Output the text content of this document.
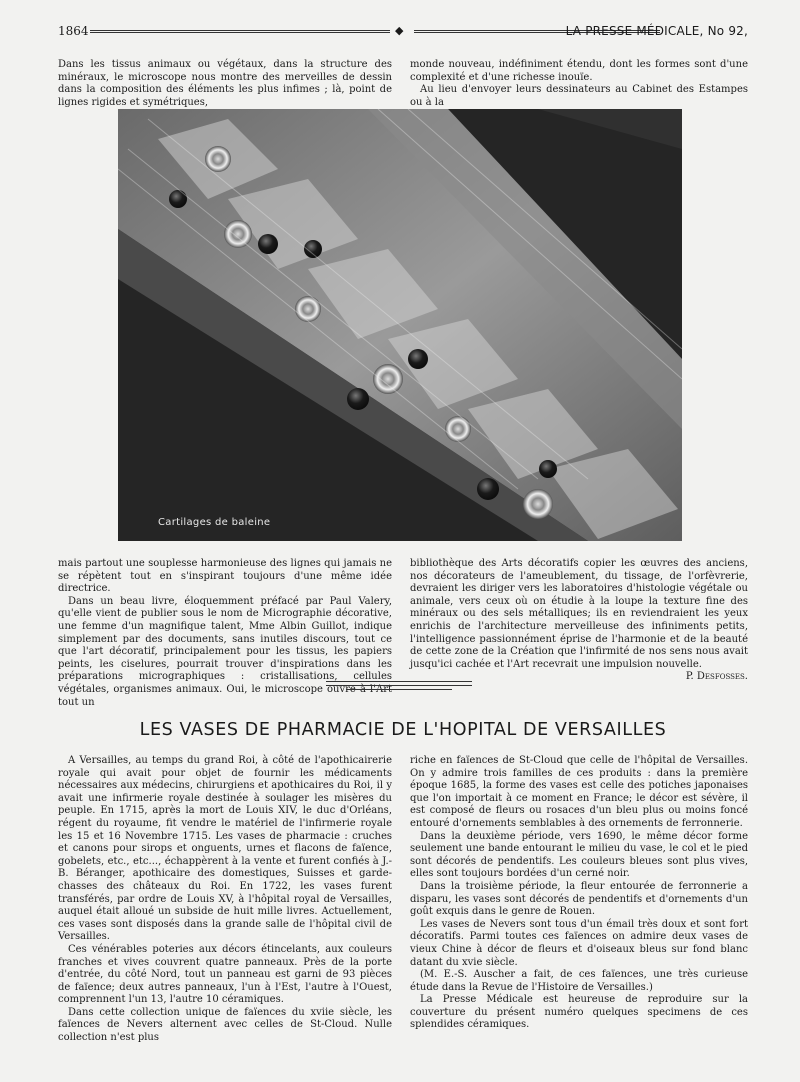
1864	◆	LA PRESSE MÉDICALE, No 92,

Dans les tissus animaux ou végétaux, dans la structure des minéraux, le microscope nous montre des merveilles de dessin dans la composition des éléments les plus infimes ; là, point de lignes rigides et symétriques,

monde nouveau, indéfiniment étendu, dont les formes sont d'une complexité et d'une richesse inouïe.

Au lieu d'envoyer leurs dessinateurs au Cabinet des Estampes ou à la

Cartilages de baleine

mais partout une souplesse harmonieuse des lignes qui jamais ne se répètent tout en s'inspirant toujours d'une même idée directrice.

Dans un beau livre, éloquemment préfacé par Paul Valery, qu'elle vient de publier sous le nom de Micrographie décorative, une femme d'un magnifique talent, Mme Albin Guillot, indique simplement par des documents, sans inutiles discours, tout ce que l'art décoratif, principalement pour les tissus, les papiers peints, les ciselures, pourrait trouver d'inspirations dans les préparations micrographiques : cristallisations, cellules végétales, organismes animaux. Oui, le microscope ouvre à l'Art tout un

bibliothèque des Arts décoratifs copier les œuvres des anciens, nos décorateurs de l'ameublement, du tissage, de l'orfèvrerie, devraient les diriger vers les laboratoires d'histologie végétale ou animale, vers ceux où on étudie à la loupe la texture fine des minéraux ou des sels métalliques; ils en reviendraient les yeux enrichis de l'architecture merveilleuse des infiniments petits, l'intelligence passionnément éprise de l'harmonie et de la beauté de cette zone de la Création que l'infirmité de nos sens nous avait jusqu'ici cachée et l'Art recevrait une impulsion nouvelle.

P. Desfosses.

LES VASES DE PHARMACIE DE L'HOPITAL DE VERSAILLES

A Versailles, au temps du grand Roi, à côté de l'apothicairerie royale qui avait pour objet de fournir les médicaments nécessaires aux médecins, chirurgiens et apothicaires du Roi, il y avait une infirmerie royale destinée à soulager les misères du peuple. En 1715, après la mort de Louis XIV, le duc d'Orléans, régent du royaume, fit vendre le matériel de l'infirmerie royale les 15 et 16 Novembre 1715. Les vases de pharmacie : cruches et canons pour sirops et onguents, urnes et flacons de faïence, gobelets, etc., etc..., échappèrent à la vente et furent confiés à J.-B. Béranger, apothicaire des domestiques, Suisses et garde-chasses des châteaux du Roi. En 1722, les vases furent transférés, par ordre de Louis XV, à l'hôpital royal de Versailles, auquel était alloué un subside de huit mille livres. Actuellement, ces vases sont disposés dans la grande salle de l'hôpital civil de Versailles.

Ces vénérables poteries aux décors étincelants, aux couleurs franches et vives couvrent quatre panneaux. Près de la porte d'entrée, du côté Nord, tout un panneau est garni de 93 pièces de faïence; deux autres panneaux, l'un à l'Est, l'autre à l'Ouest, comprennent l'un 13, l'autre 10 céramiques.

Dans cette collection unique de faïences du xviie siècle, les faïences de Nevers alternent avec celles de St-Cloud. Nulle collection n'est plus

riche en faïences de St-Cloud que celle de l'hôpital de Versailles. On y admire trois familles de ces produits : dans la première époque 1685, la forme des vases est celle des potiches japonaises que l'on importait à ce moment en France; le décor est sévère, il est composé de fleurs ou rosaces d'un bleu plus ou moins foncé entouré d'ornements semblables à des ornements de ferronnerie.

Dans la deuxième période, vers 1690, le même décor forme seulement une bande entourant le milieu du vase, le col et le pied sont décorés de pendentifs. Les couleurs bleues sont plus vives, elles sont toujours bordées d'un cerné noir.

Dans la troisième période, la fleur entourée de ferronnerie a disparu, les vases sont décorés de pendentifs et d'ornements d'un goût exquis dans le genre de Rouen.

Les vases de Nevers sont tous d'un émail très doux et sont fort décoratifs. Parmi toutes ces faïences on admire deux vases de vieux Chine à décor de fleurs et d'oiseaux bleus sur fond blanc datant du xvie siècle.

(M. E.-S. Auscher a fait, de ces faïences, une très curieuse étude dans la Revue de l'Histoire de Versailles.)

La Presse Médicale est heureuse de reproduire sur la couverture du présent numéro quelques specimens de ces splendides céramiques.
